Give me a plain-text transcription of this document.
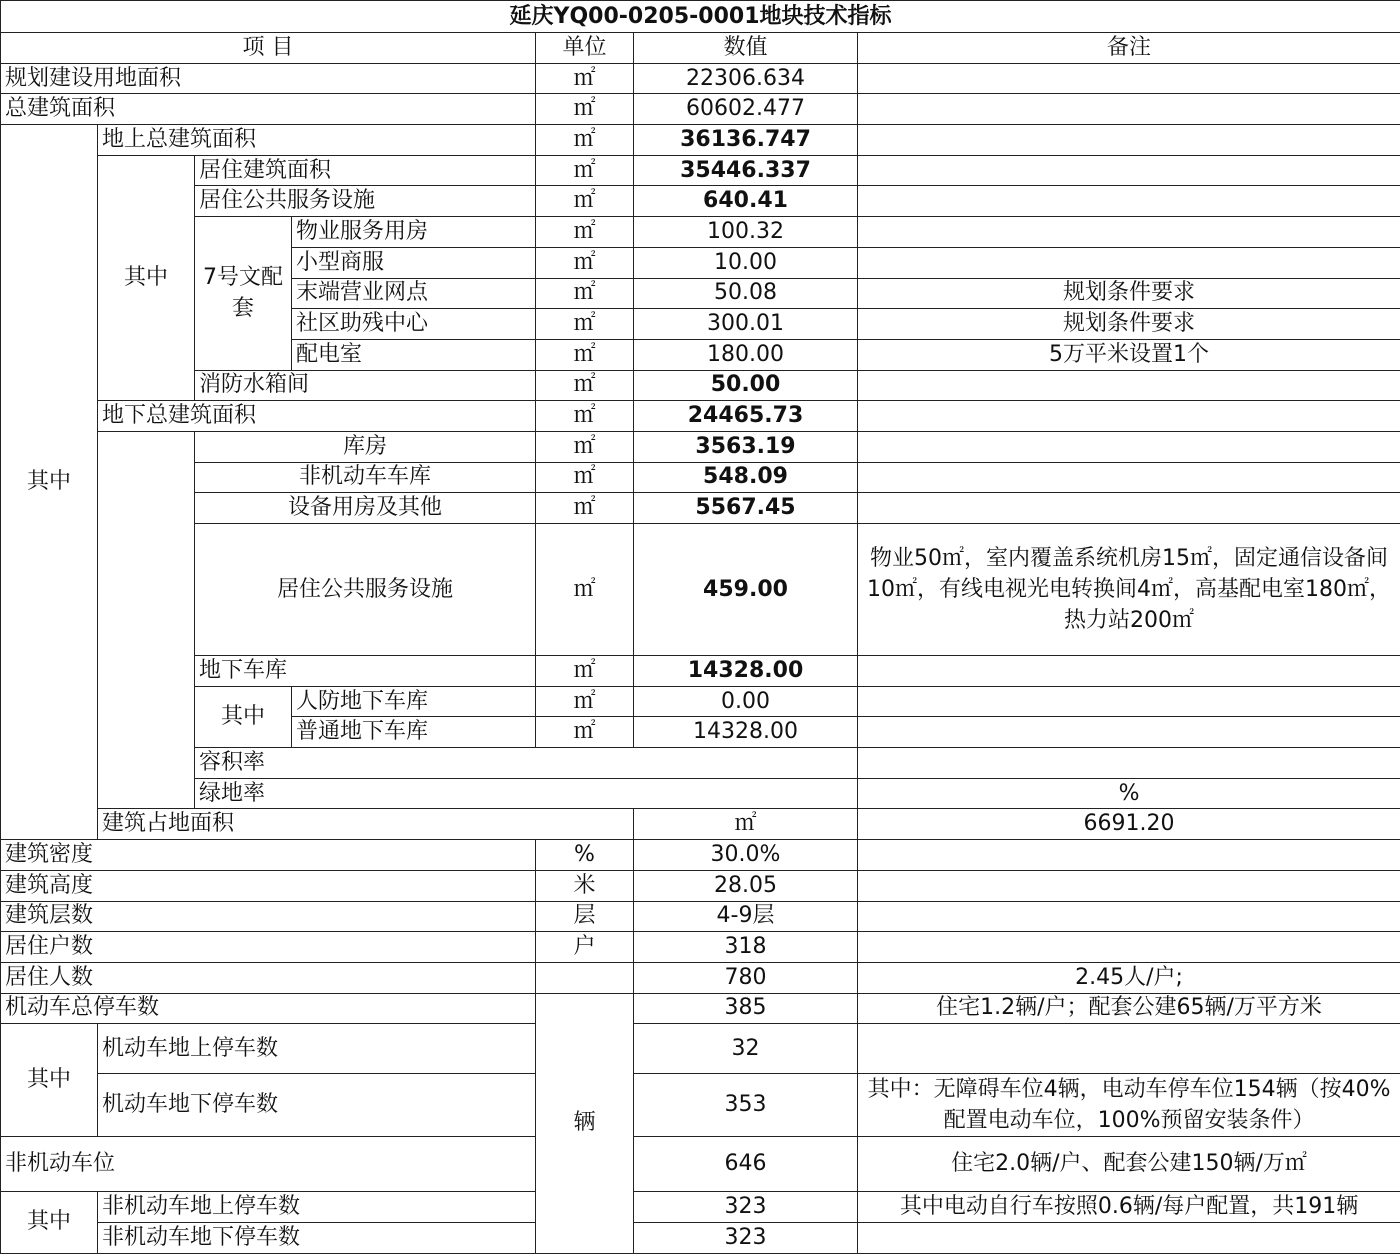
延庆YQ00-0205-0001地块技术指标							
项 目				单位	数值	备注	
规划建设用地面积				㎡	22306.634		
总建筑面积				㎡	60602.477		
其中	地上总建筑面积			㎡	36136.747		
	其中	居住建筑面积		㎡	35446.337		
		居住公共服务设施		㎡	640.41		
		7号文配套	物业服务用房	㎡	100.32		
			小型商服	㎡	10.00		
			末端营业网点	㎡	50.08	规划条件要求	
			社区助残中心	㎡	300.01	规划条件要求	
			配电室	㎡	180.00	5万平米设置1个	
		消防水箱间		㎡	50.00		
	地下总建筑面积			㎡	24465.73		
		库房		㎡	3563.19		
		非机动车车库		㎡	548.09		
		设备用房及其他		㎡	5567.45		
		居住公共服务设施		㎡	459.00	物业50㎡，室内覆盖系统机房15㎡，固定通信设备间10㎡，有线电视光电转换间4㎡，高基配电室180㎡，热力站200㎡	
		地下车库		㎡	14328.00		
		其中	人防地下车库	㎡	0.00		
			普通地下车库	㎡	14328.00		
		容积率			
		绿地率				%		
	建筑占地面积				㎡	6691.20	
建筑密度				%	30.0%		
建筑高度				米	28.05		
建筑层数				层	4-9层		
居住户数				户	318		
居住人数					780	2.45人/户;	
机动车总停车数				辆	385	住宅1.2辆/户；配套公建65辆/万平方米	
其中	机动车地上停车数				32		
	机动车地下停车数				353	其中：无障碍车位4辆，电动车停车位154辆（按40%配置电动车位，100%预留安装条件）	
非机动车位					646	住宅2.0辆/户、配套公建150辆/万㎡	
其中	非机动车地上停车数				323	其中电动自行车按照0.6辆/每户配置，共191辆	
	非机动车地下停车数				323		
